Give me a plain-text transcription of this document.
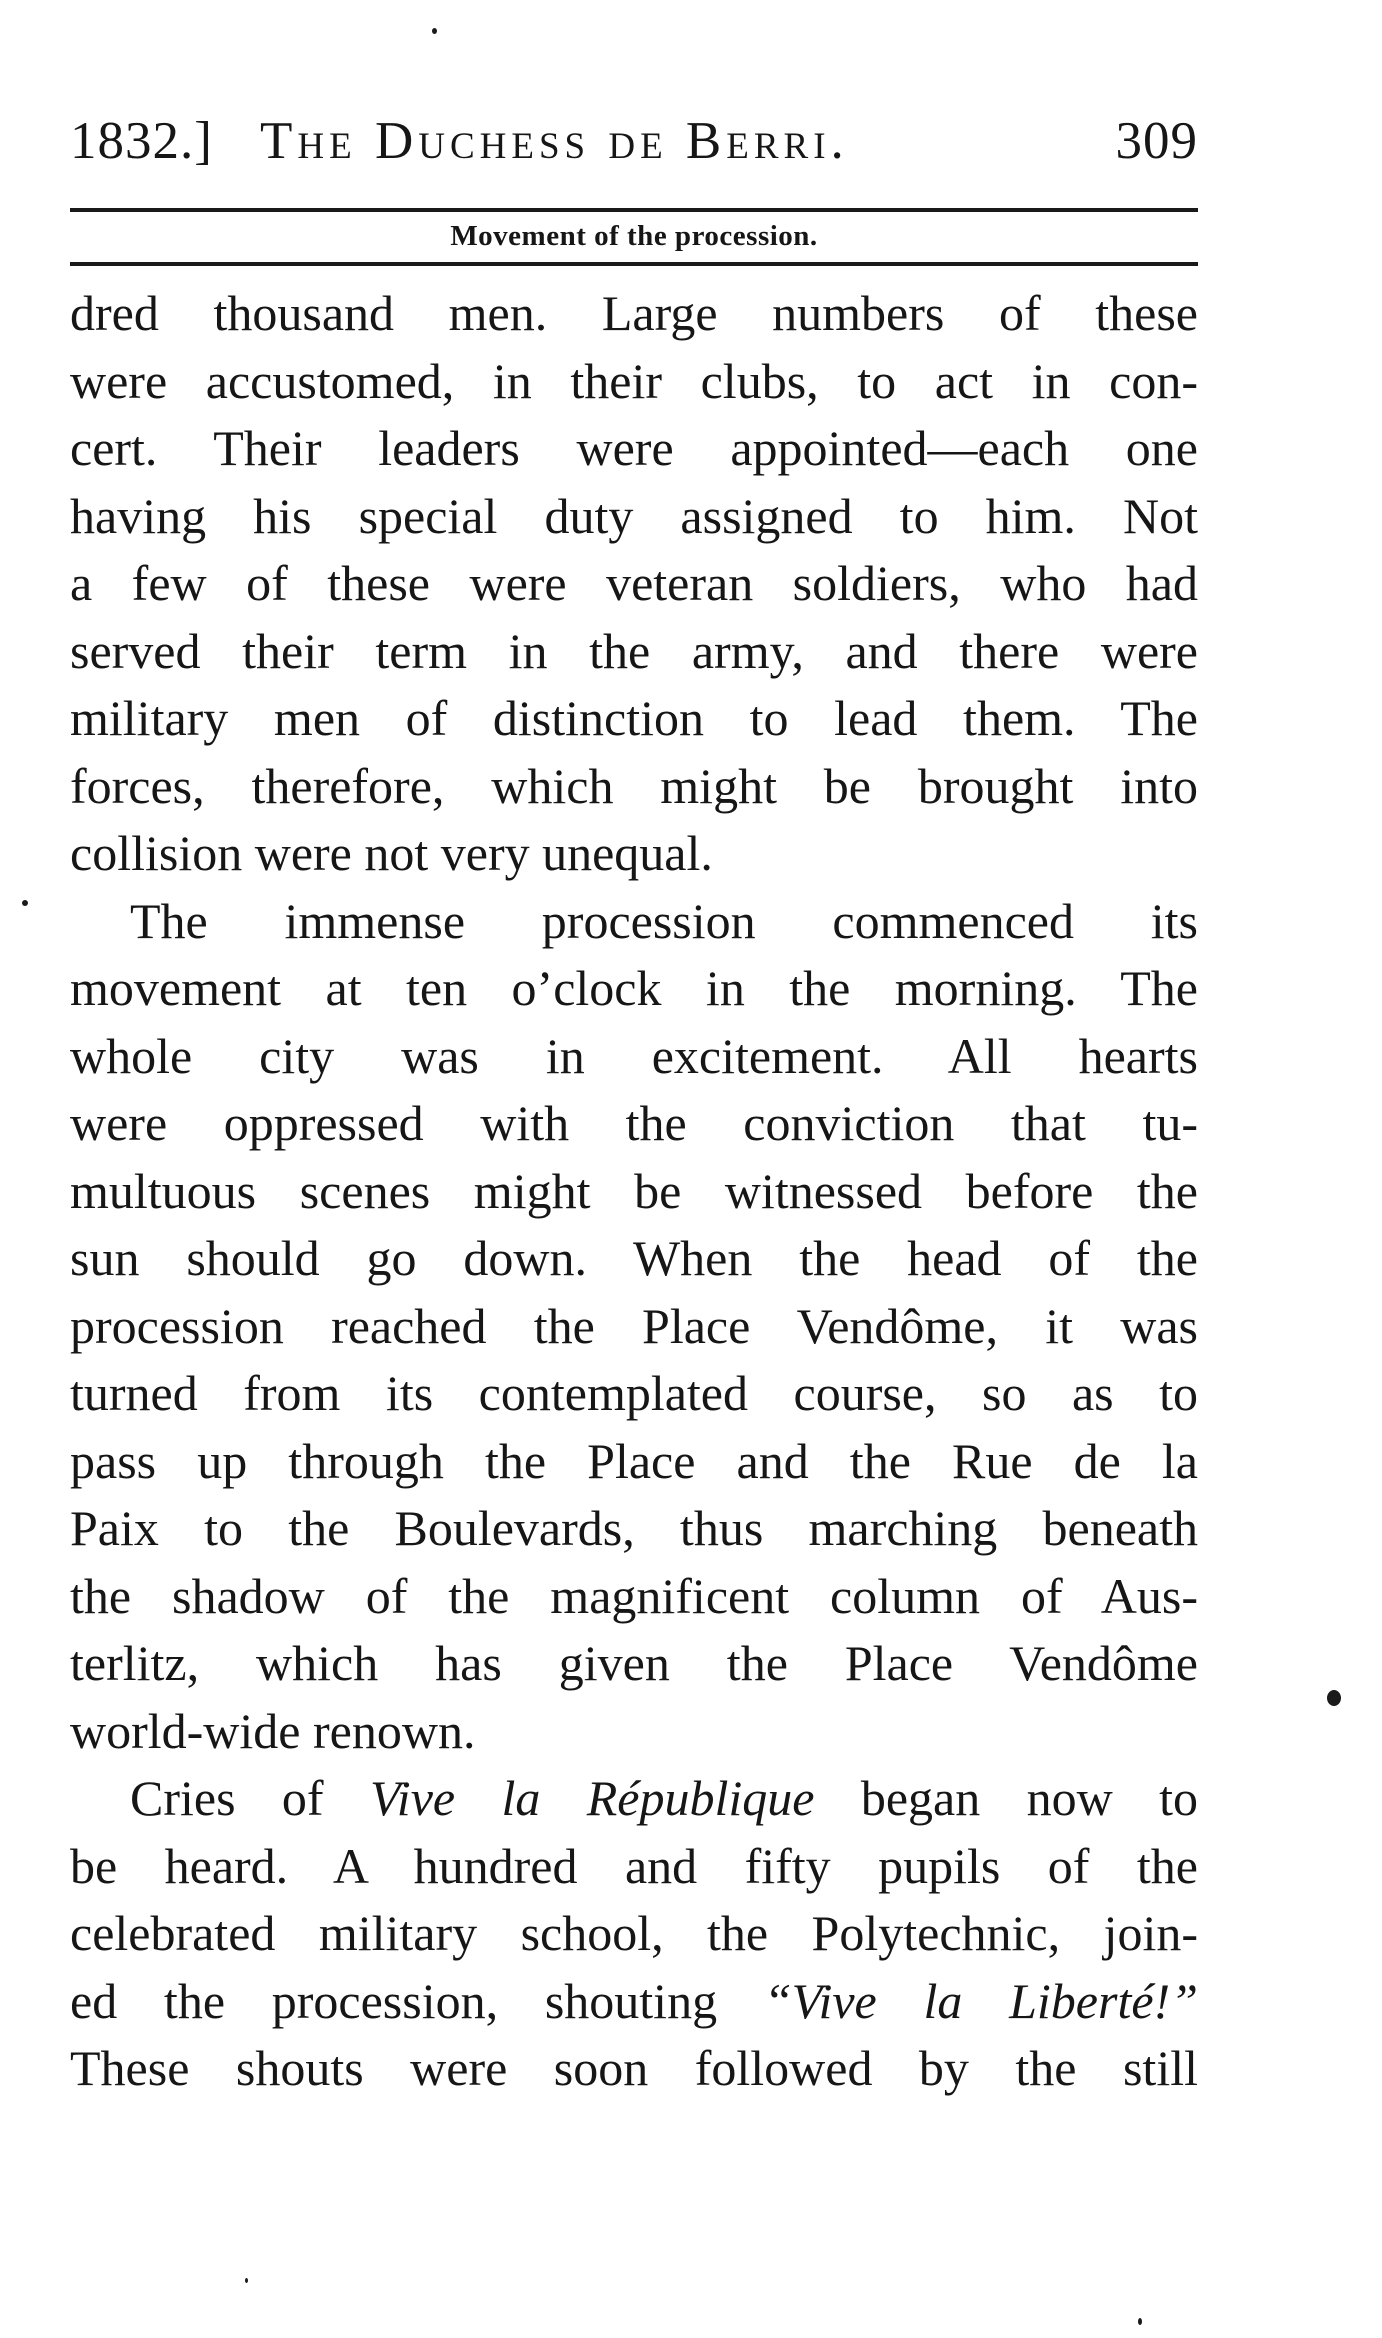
1832.] The Duchess de Berri.	309
Movement of the procession.
dred thousand men. Large numbers of these
were accustomed, in their clubs, to act in con-
cert. Their leaders were appointed—each one
having his special duty assigned to him. Not
a few of these were veteran soldiers, who had
served their term in the army, and there were
military men of distinction to lead them. The
forces, therefore, which might be brought into
collision were not very unequal.
The immense procession commenced its
movement at ten o’clock in the morning. The
whole city was in excitement. All hearts
were oppressed with the conviction that tu-
multuous scenes might be witnessed before the
sun should go down. When the head of the
procession reached the Place Vendôme, it was
turned from its contemplated course, so as to
pass up through the Place and the Rue de la
Paix to the Boulevards, thus marching beneath
the shadow of the magnificent column of Aus-
terlitz, which has given the Place Vendôme
world-wide renown.
Cries of Vive la République began now to
be heard. A hundred and fifty pupils of the
celebrated military school, the Polytechnic, join-
ed the procession, shouting “Vive la Liberté!”
These shouts were soon followed by the still
